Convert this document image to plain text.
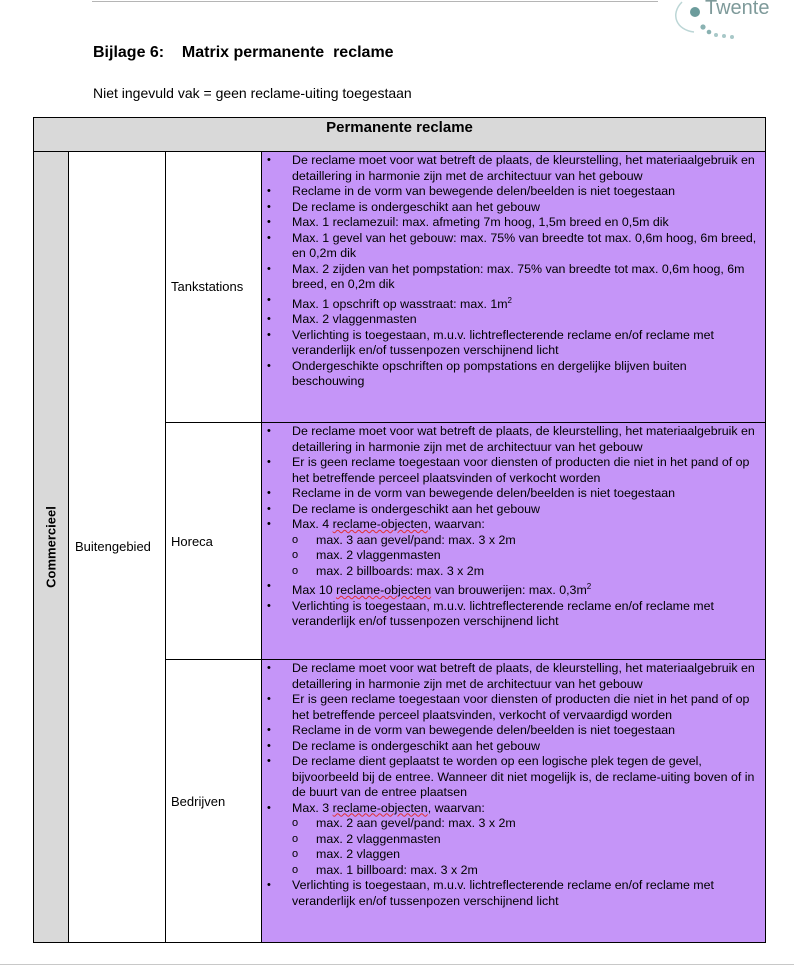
Twente
Bijlage 6:    Matrix permanente  reclame
Niet ingevuld vak = geen reclame-uiting toegestaan
Permanente reclame
Commercieel Buitengebied
Tankstations
• De reclame moet voor wat betreft de plaats, de kleurstelling, het materiaalgebruik en detaillering in harmonie zijn met de architectuur van het gebouw
• Reclame in de vorm van bewegende delen/beelden is niet toegestaan
• De reclame is ondergeschikt aan het gebouw
• Max. 1 reclamezuil: max. afmeting 7m hoog, 1,5m breed en 0,5m dik
• Max. 1 gevel van het gebouw: max. 75% van breedte tot max. 0,6m hoog, 6m breed, en 0,2m dik
• Max. 2 zijden van het pompstation: max. 75% van breedte tot max. 0,6m hoog, 6m breed, en 0,2m dik
• Max. 1 opschrift op wasstraat: max. $1m^2$
• Max. 2 vlaggenmasten
• Verlichting is toegestaan, m.u.v. lichtreflecterende reclame en/of reclame met veranderlijk en/of tussenpozen verschijnend licht
• Ondergeschikte opschriften op pompstations en dergelijke blijven buiten beschouwing
Horeca
• De reclame moet voor wat betreft de plaats, de kleurstelling, het materiaalgebruik en detaillering in harmonie zijn met de architectuur van het gebouw
• Er is geen reclame toegestaan voor diensten of producten die niet in het pand of op het betreffende perceel plaatsvinden of verkocht worden
• Reclame in de vorm van bewegende delen/beelden is niet toegestaan
• De reclame is ondergeschikt aan het gebouw
• Max. 4 reclame-objecten, waarvan:
o max. 3 aan gevel/pand: max. 3 x 2m
o max. 2 vlaggenmasten
o max. 2 billboards: max. 3 x 2m
• Max 10 reclame-objecten van brouwerijen: max. $0,3m^2$
• Verlichting is toegestaan, m.u.v. lichtreflecterende reclame en/of reclame met veranderlijk en/of tussenpozen verschijnend licht
Bedrijven
• De reclame moet voor wat betreft de plaats, de kleurstelling, het materiaalgebruik en detaillering in harmonie zijn met de architectuur van het gebouw
• Er is geen reclame toegestaan voor diensten of producten die niet in het pand of op het betreffende perceel plaatsvinden, verkocht of vervaardigd worden
• Reclame in de vorm van bewegende delen/beelden is niet toegestaan
• De reclame is ondergeschikt aan het gebouw
• De reclame dient geplaatst te worden op een logische plek tegen de gevel, bijvoorbeeld bij de entree. Wanneer dit niet mogelijk is, de reclame-uiting boven of in de buurt van de entree plaatsen
• Max. 3 reclame-objecten, waarvan:
o max. 2 aan gevel/pand: max. 3 x 2m
o max. 2 vlaggenmasten
o max. 2 vlaggen
o max. 1 billboard: max. 3 x 2m
• Verlichting is toegestaan, m.u.v. lichtreflecterende reclame en/of reclame met veranderlijk en/of tussenpozen verschijnend licht
